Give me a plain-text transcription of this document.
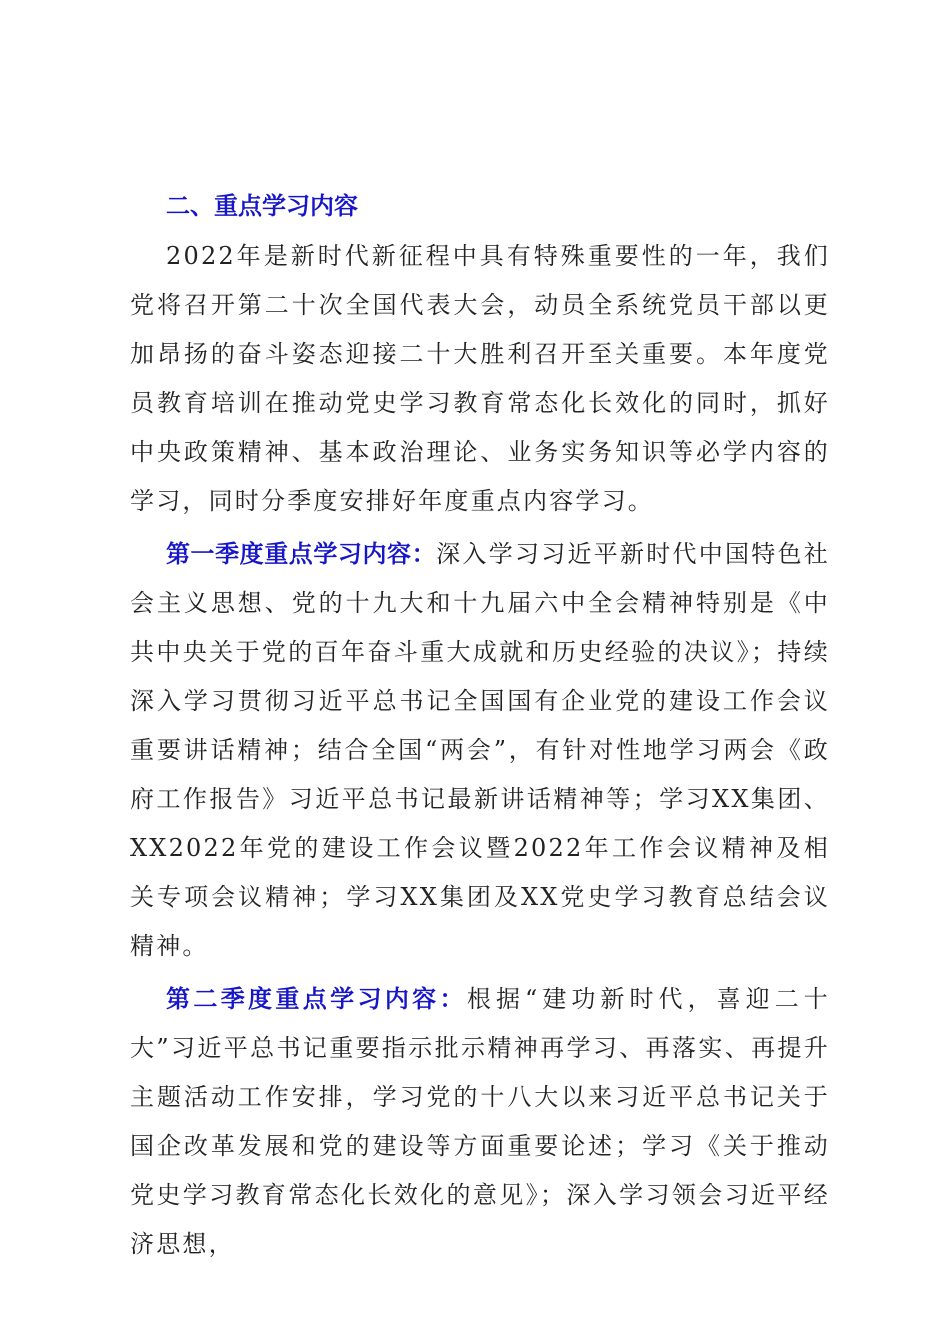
二、重点学习内容

2022年是新时代新征程中具有特殊重要性的一年，我们党将召开第二十次全国代表大会，动员全系统党员干部以更加昂扬的奋斗姿态迎接二十大胜利召开至关重要。本年度党员教育培训在推动党史学习教育常态化长效化的同时，抓好中央政策精神、基本政治理论、业务实务知识等必学内容的学习，同时分季度安排好年度重点内容学习。

第一季度重点学习内容：深入学习习近平新时代中国特色社会主义思想、党的十九大和十九届六中全会精神特别是《中共中央关于党的百年奋斗重大成就和历史经验的决议》；持续深入学习贯彻习近平总书记全国国有企业党的建设工作会议重要讲话精神；结合全国“两会”，有针对性地学习两会《政府工作报告》习近平总书记最新讲话精神等；学习XX集团、XX2022年党的建设工作会议暨2022年工作会议精神及相关专项会议精神；学习XX集团及XX党史学习教育总结会议精神。

第二季度重点学习内容：根据“建功新时代，喜迎二十大”习近平总书记重要指示批示精神再学习、再落实、再提升主题活动工作安排，学习党的十八大以来习近平总书记关于国企改革发展和党的建设等方面重要论述；学习《关于推动党史学习教育常态化长效化的意见》；深入学习领会习近平经济思想，
